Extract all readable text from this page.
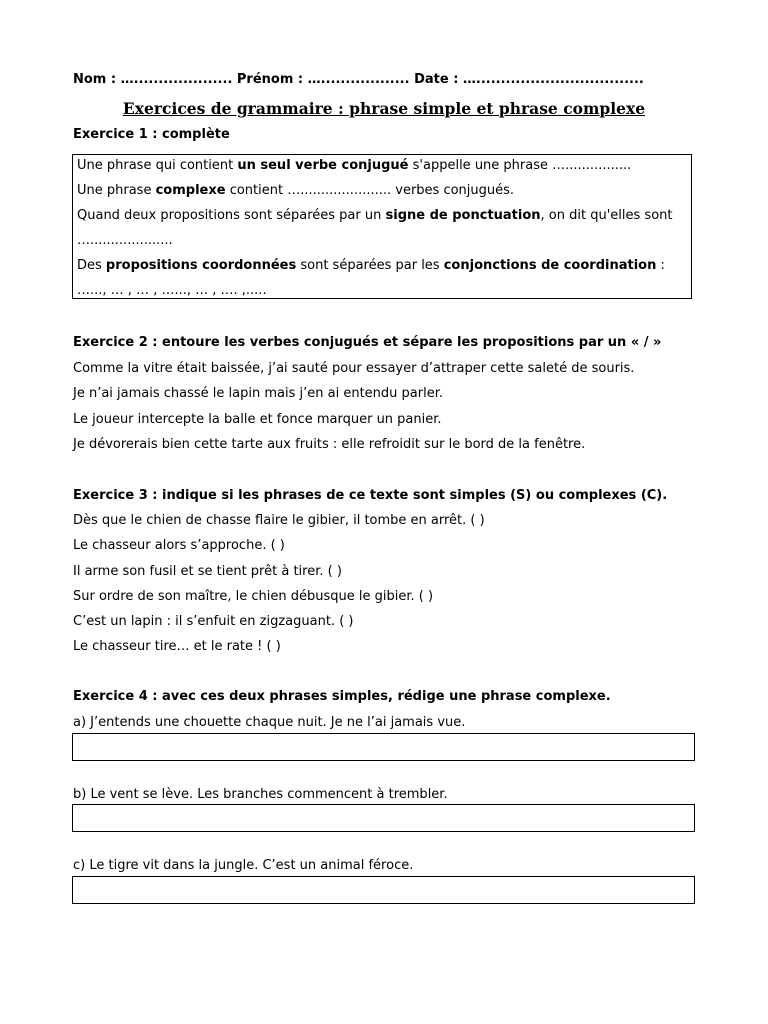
Nom : ….................... Prénom : ….................. Date : …..................................
Exercices de grammaire : phrase simple et phrase complexe
Exercice 1 : complète
Une phrase qui contient un seul verbe conjugué s'appelle une phrase …................
Une phrase complexe contient …...................... verbes conjugués.
Quand deux propositions sont séparées par un signe de ponctuation, on dit qu'elles sont
…....................
Des propositions coordonnées sont séparées par les conjonctions de coordination :
…..., … , … , …..., … , …. ,.....
Exercice 2 : entoure les verbes conjugués et sépare les propositions par un « / »
Comme la vitre était baissée, j’ai sauté pour essayer d’attraper cette saleté de souris.
Je n’ai jamais chassé le lapin mais j’en ai entendu parler.
Le joueur intercepte la balle et fonce marquer un panier.
Je dévorerais bien cette tarte aux fruits : elle refroidit sur le bord de la fenêtre.
Exercice 3 : indique si les phrases de ce texte sont simples (S) ou complexes (C).
Dès que le chien de chasse flaire le gibier, il tombe en arrêt. ( )
Le chasseur alors s’approche. ( )
Il arme son fusil et se tient prêt à tirer. ( )
Sur ordre de son maître, le chien débusque le gibier. ( )
C’est un lapin : il s’enfuit en zigzaguant. ( )
Le chasseur tire… et le rate ! ( )
Exercice 4 : avec ces deux phrases simples, rédige une phrase complexe.
a) J’entends une chouette chaque nuit. Je ne l’ai jamais vue.
b) Le vent se lève. Les branches commencent à trembler.
c) Le tigre vit dans la jungle. C’est un animal féroce.
